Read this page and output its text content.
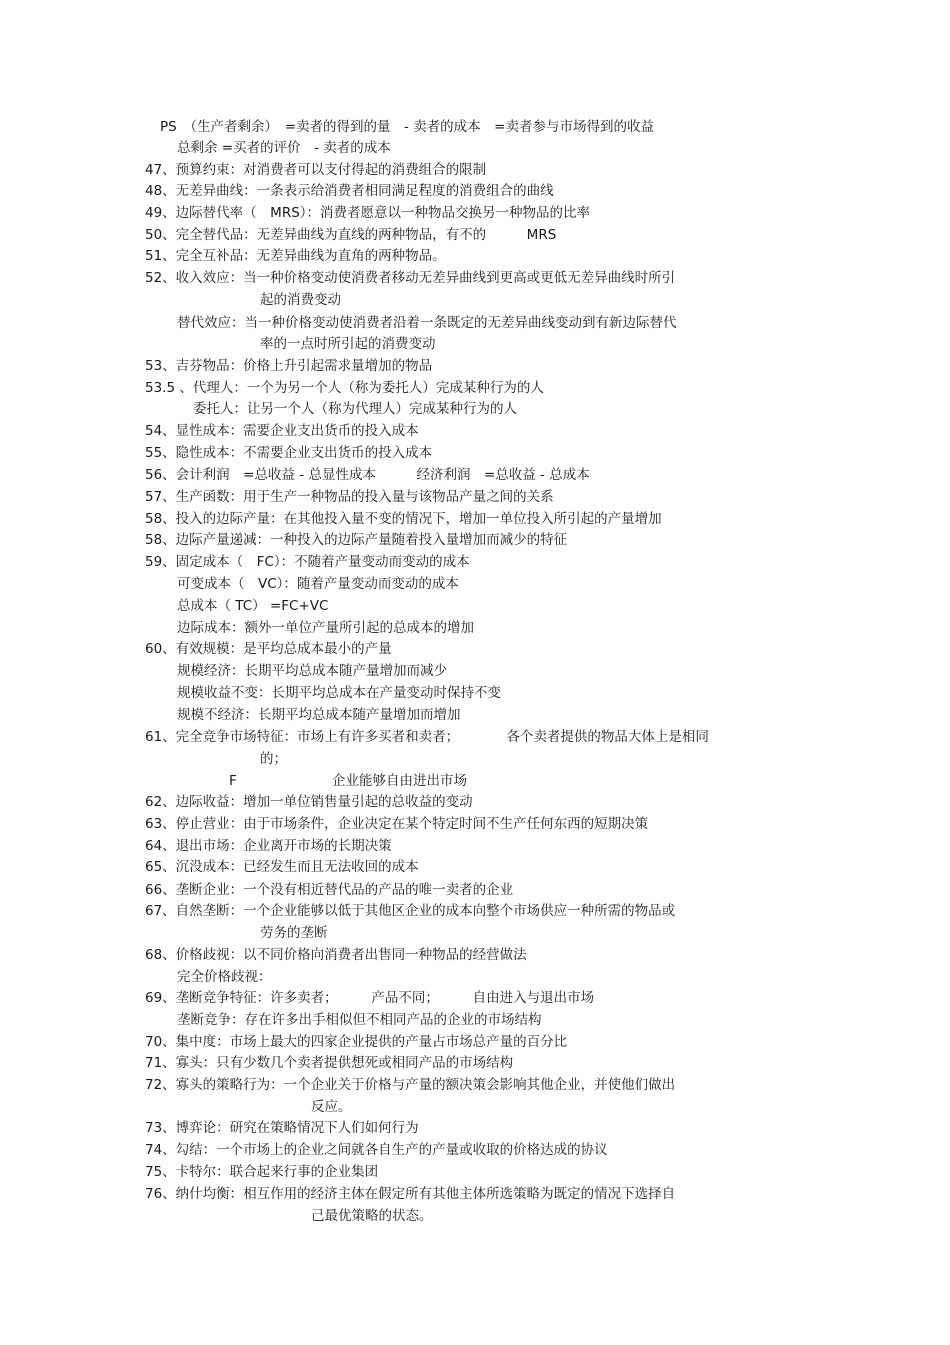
PS　（生产者剩余）　=卖者的得到的量　- 卖者的成本　=卖者参与市场得到的收益
总剩余 =买者的评价　- 卖者的成本
47、预算约束：对消费者可以支付得起的消费组合的限制
48、无差异曲线：一条表示给消费者相同满足程度的消费组合的曲线
49、边际替代率（　MRS）：消费者愿意以一种物品交换另一种物品的比率
50、完全替代品：无差异曲线为直线的两种物品，有不的　　　MRS
51、完全互补品：无差异曲线为直角的两种物品。
52、收入效应：当一种价格变动使消费者移动无差异曲线到更高或更低无差异曲线时所引
起的消费变动
替代效应：当一种价格变动使消费者沿着一条既定的无差异曲线变动到有新边际替代
率的一点时所引起的消费变动
53、吉芬物品：价格上升引起需求量增加的物品
53.5 、代理人：一个为另一个人（称为委托人）完成某种行为的人
委托人：让另一个人（称为代理人）完成某种行为的人
54、显性成本：需要企业支出货币的投入成本
55、隐性成本：不需要企业支出货币的投入成本
56、会计利润　=总收益 - 总显性成本　　　经济利润　=总收益 - 总成本
57、生产函数：用于生产一种物品的投入量与该物品产量之间的关系
58、投入的边际产量：在其他投入量不变的情况下，增加一单位投入所引起的产量增加
58、边际产量递减：一种投入的边际产量随着投入量增加而减少的特征
59、固定成本（　FC）：不随着产量变动而变动的成本
可变成本（　VC）：随着产量变动而变动的成本
总成本（ TC） =FC+VC
边际成本：额外一单位产量所引起的总成本的增加
60、有效规模：是平均总成本最小的产量
规模经济：长期平均总成本随产量增加而减少
规模收益不变：长期平均总成本在产量变动时保持不变
规模不经济：长期平均总成本随产量增加而增加
61、完全竞争市场特征：市场上有许多买者和卖者；　　　　各个卖者提供的物品大体上是相同
的；
F	企业能够自由进出市场
62、边际收益：增加一单位销售量引起的总收益的变动
63、停止营业：由于市场条件，企业决定在某个特定时间不生产任何东西的短期决策
64、退出市场：企业离开市场的长期决策
65、沉没成本：已经发生而且无法收回的成本
66、垄断企业：一个没有相近替代品的产品的唯一卖者的企业
67、自然垄断：一个企业能够以低于其他区企业的成本向整个市场供应一种所需的物品或
劳务的垄断
68、价格歧视：以不同价格向消费者出售同一种物品的经营做法
完全价格歧视：
69、垄断竞争特征：许多卖者；　　　产品不同；　　　自由进入与退出市场
垄断竞争：存在许多出手相似但不相同产品的企业的市场结构
70、集中度：市场上最大的四家企业提供的产量占市场总产量的百分比
71、寡头：只有少数几个卖者提供想死或相同产品的市场结构
72、寡头的策略行为：一个企业关于价格与产量的额决策会影响其他企业，并使他们做出
反应。
73、博弈论：研究在策略情况下人们如何行为
74、勾结：一个市场上的企业之间就各自生产的产量或收取的价格达成的协议
75、卡特尔：联合起来行事的企业集团
76、纳什均衡：相互作用的经济主体在假定所有其他主体所选策略为既定的情况下选择自
己最优策略的状态。
